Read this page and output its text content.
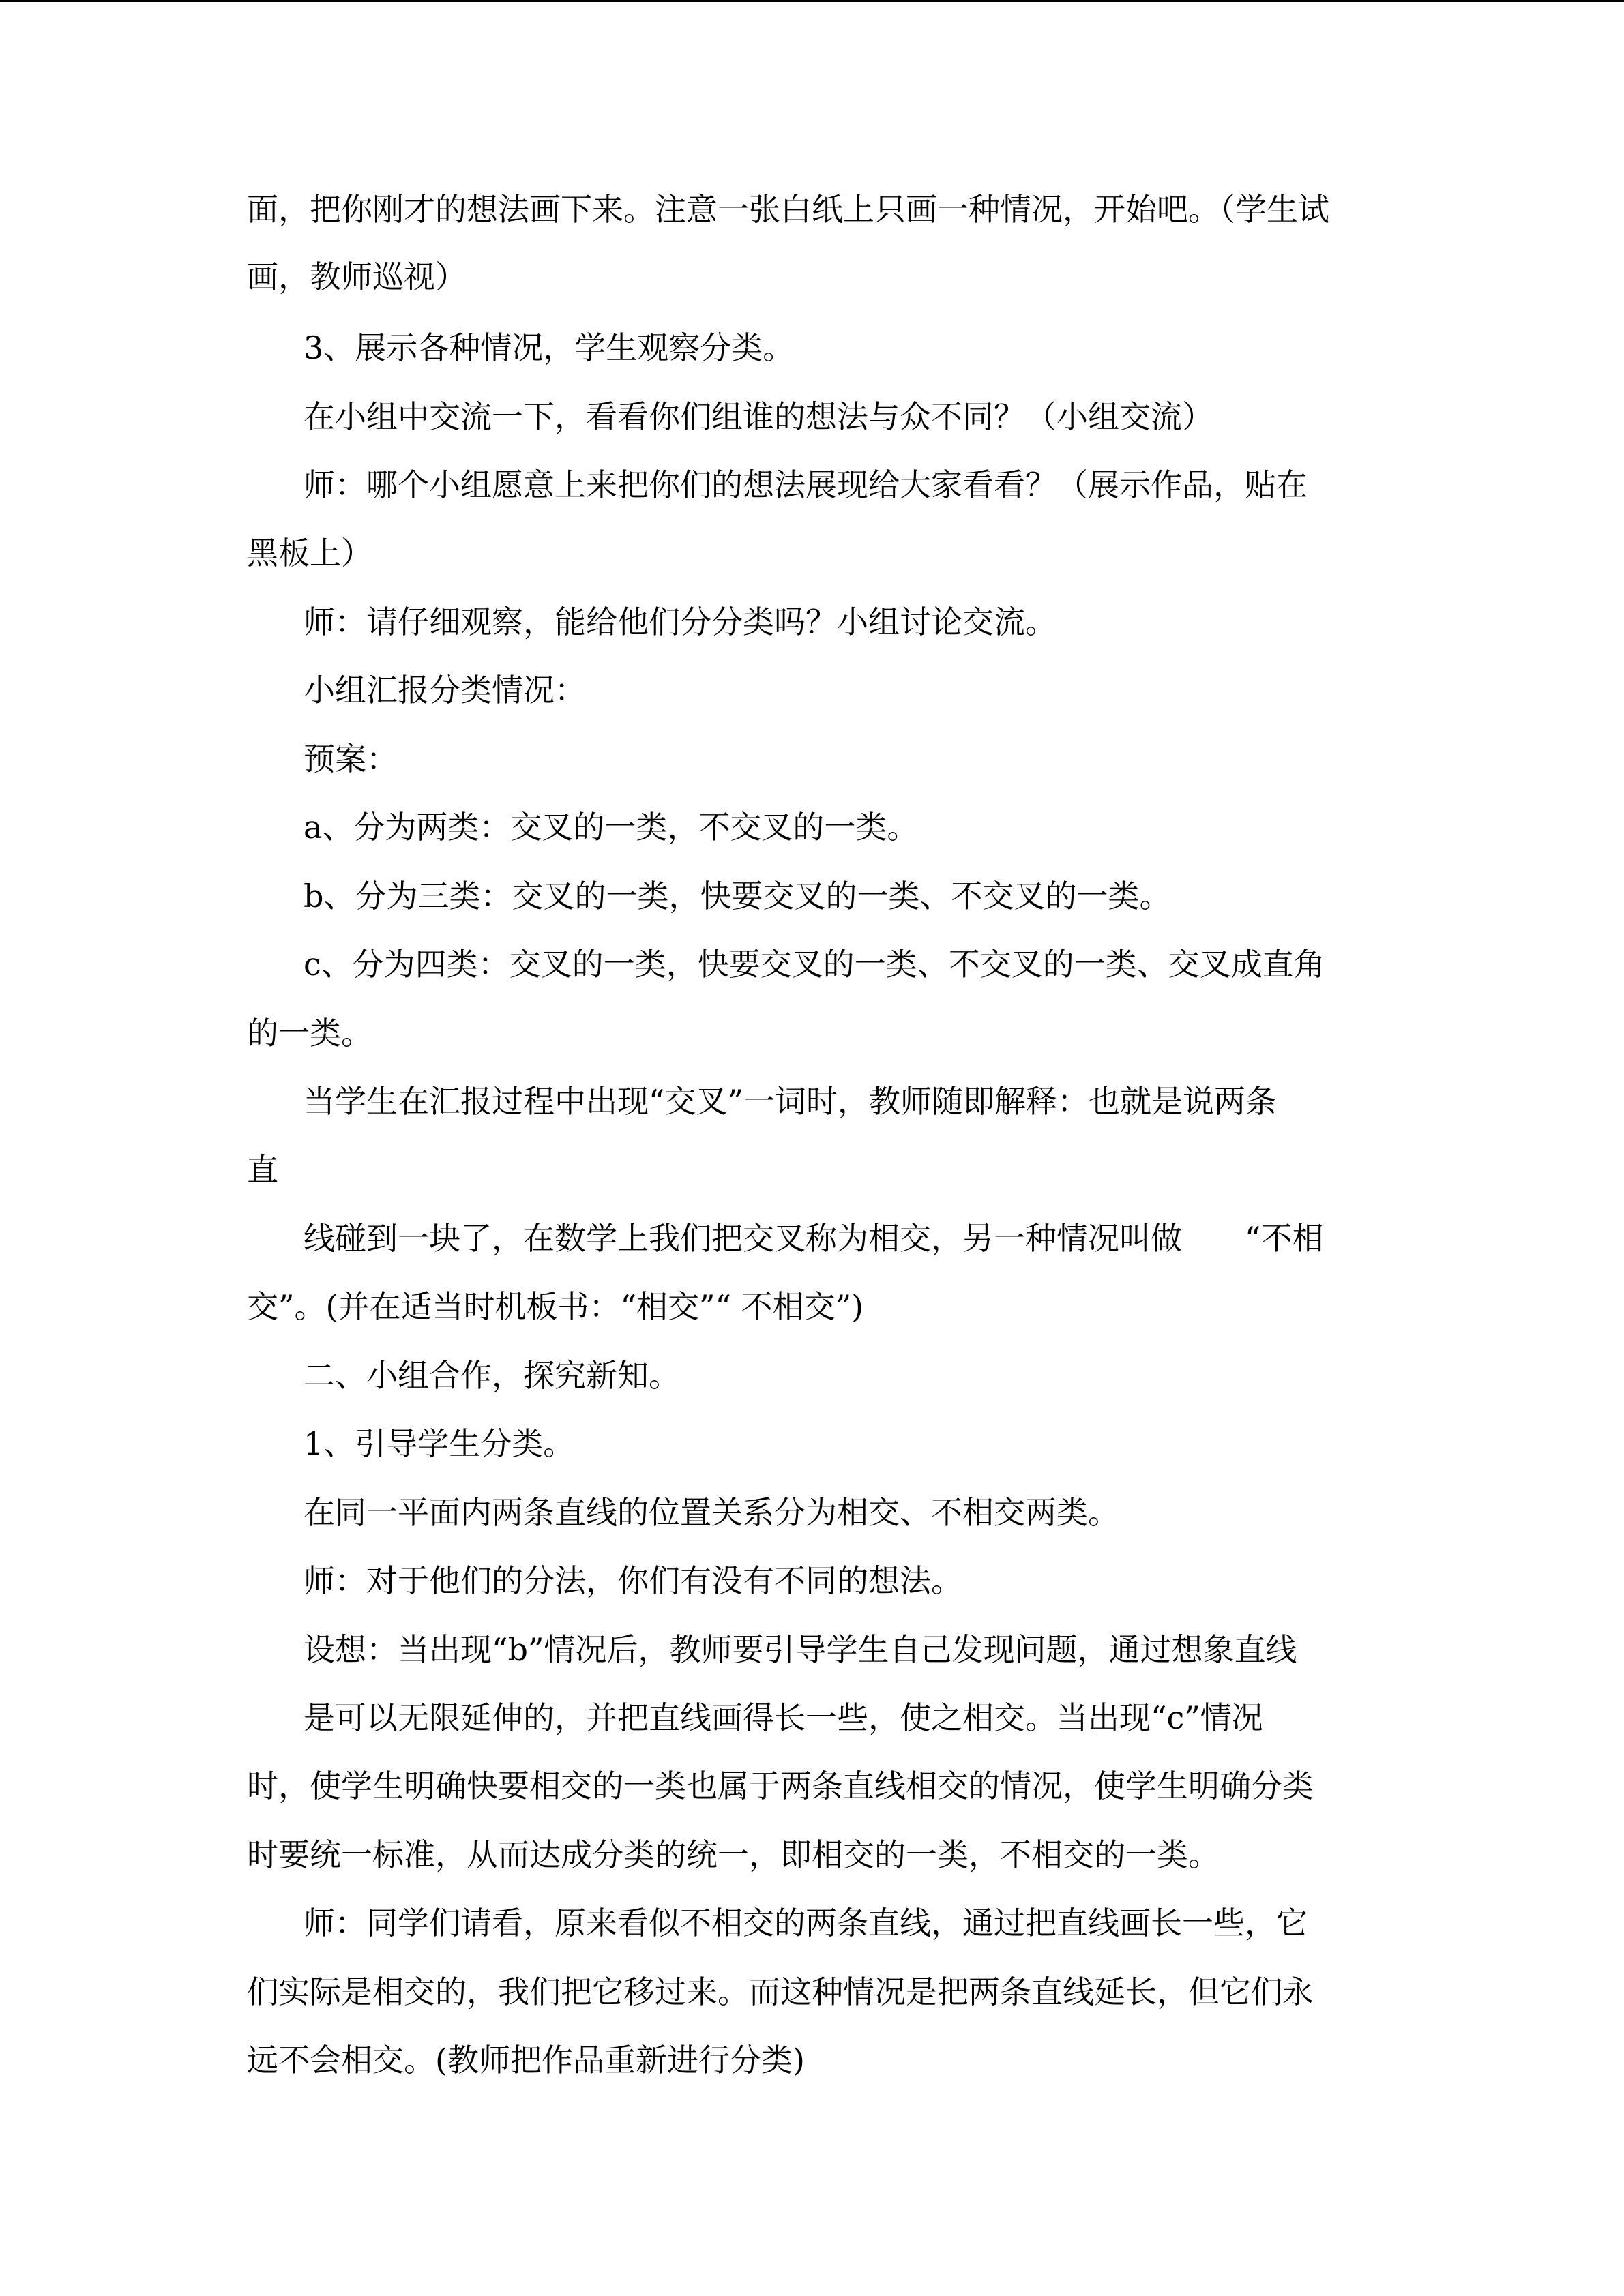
面，把你刚才的想法画下来。注意一张白纸上只画一种情况，开始吧。（学生试

画，教师巡视）

3、展示各种情况，学生观察分类。

在小组中交流一下，看看你们组谁的想法与众不同？（小组交流）

师：哪个小组愿意上来把你们的想法展现给大家看看？（展示作品，贴在

黑板上）

师：请仔细观察，能给他们分分类吗？小组讨论交流。

小组汇报分类情况：

预案：

a、分为两类：交叉的一类，不交叉的一类。

b、分为三类：交叉的一类，快要交叉的一类、不交叉的一类。

c、分为四类：交叉的一类，快要交叉的一类、不交叉的一类、交叉成直角

的一类。

当学生在汇报过程中出现“交叉”一词时，教师随即解释：也就是说两条

直

线碰到一块了，在数学上我们把交叉称为相交，另一种情况叫做　　“不相

交”。(并在适当时机板书：“相交”“ 不相交”)

二、小组合作，探究新知。

1、引导学生分类。

在同一平面内两条直线的位置关系分为相交、不相交两类。

师：对于他们的分法，你们有没有不同的想法。

设想：当出现“b”情况后，教师要引导学生自己发现问题，通过想象直线

是可以无限延伸的，并把直线画得长一些，使之相交。当出现“c”情况

时，使学生明确快要相交的一类也属于两条直线相交的情况，使学生明确分类

时要统一标准，从而达成分类的统一，即相交的一类，不相交的一类。

师：同学们请看，原来看似不相交的两条直线，通过把直线画长一些，它

们实际是相交的，我们把它移过来。而这种情况是把两条直线延长，但它们永

远不会相交。(教师把作品重新进行分类)
